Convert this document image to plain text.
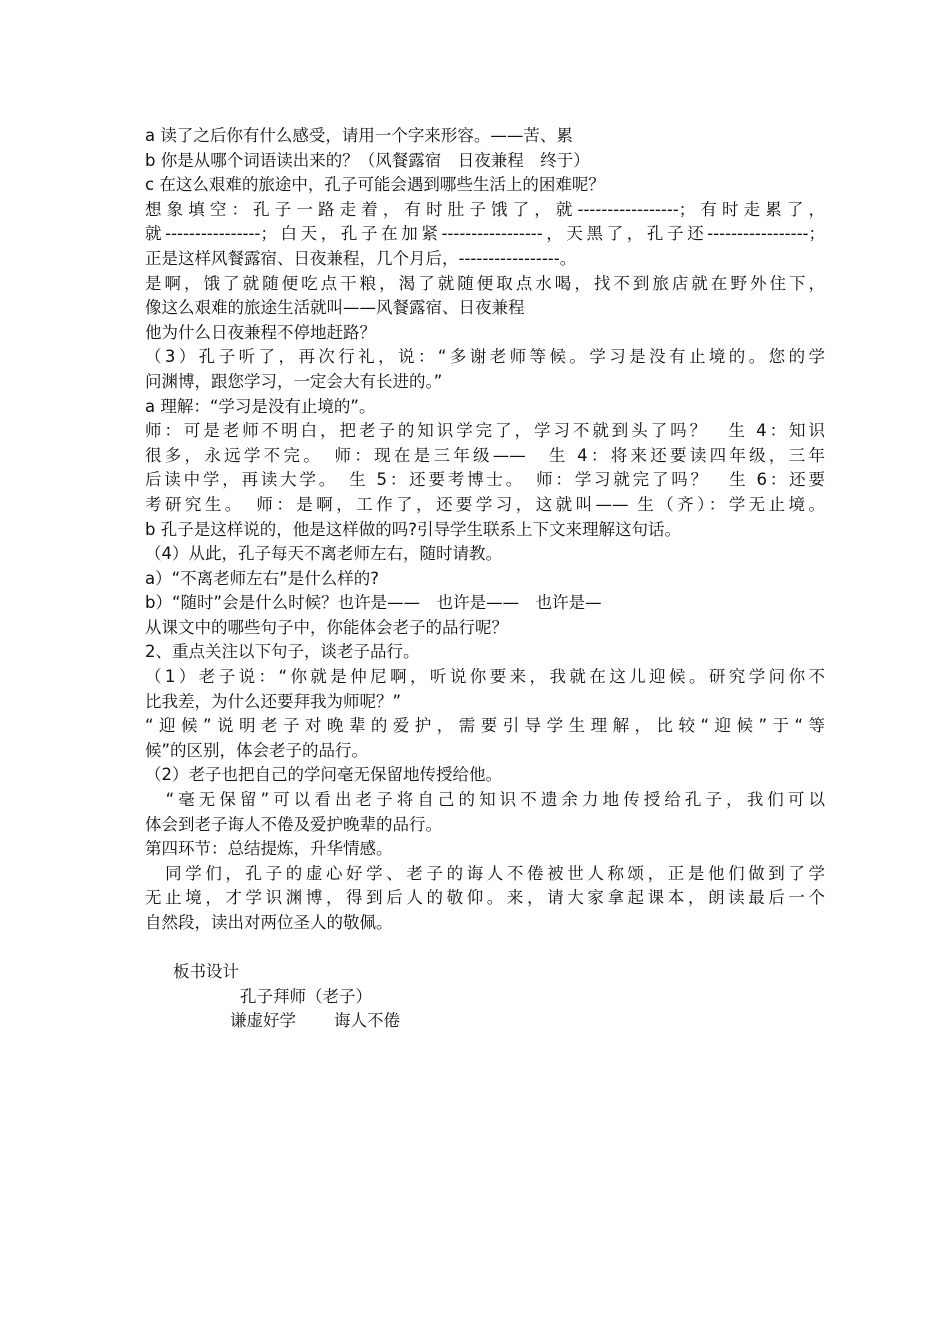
a 读了之后你有什么感受，请用一个字来形容。——苦、累
b 你是从哪个词语读出来的？（风餐露宿　日夜兼程　终于）
c 在这么艰难的旅途中，孔子可能会遇到哪些生活上的困难呢？
想象填空：孔子一路走着，有时肚子饿了，就-----------------；有时走累了，
就----------------；白天，孔子在加紧-----------------，天黑了，孔子还-----------------；
正是这样风餐露宿、日夜兼程，几个月后，-----------------。
是啊，饿了就随便吃点干粮，渴了就随便取点水喝，找不到旅店就在野外住下，
像这么艰难的旅途生活就叫——风餐露宿、日夜兼程
他为什么日夜兼程不停地赶路？
（3）孔子听了，再次行礼，说：“多谢老师等候。学习是没有止境的。您的学
问渊博，跟您学习，一定会大有长进的。”
a 理解：“学习是没有止境的”。
师：可是老师不明白，把老子的知识学完了，学习不就到头了吗？　生 4：知识
很多，永远学不完。　师：现在是三年级——　生 4：将来还要读四年级，三年
后读中学，再读大学。　生 5：还要考博士。　师：学习就完了吗？　生 6：还要
考研究生。　师：是啊，工作了，还要学习，这就叫—— 生（齐）：学无止境。
b 孔子是这样说的，他是这样做的吗?引导学生联系上下文来理解这句话。
（4）从此，孔子每天不离老师左右，随时请教。
a）“不离老师左右”是什么样的?
b）“随时”会是什么时候？也许是——　也许是——　也许是—
从课文中的哪些句子中，你能体会老子的品行呢？
2、重点关注以下句子，谈老子品行。
（1）老子说：“你就是仲尼啊，听说你要来，我就在这儿迎候。研究学问你不
比我差，为什么还要拜我为师呢？”
“迎候”说明老子对晚辈的爱护，需要引导学生理解，比较“迎候”于“等
候”的区别，体会老子的品行。
（2）老子也把自己的学问毫无保留地传授给他。
　“毫无保留”可以看出老子将自己的知识不遗余力地传授给孔子，我们可以
体会到老子诲人不倦及爱护晚辈的品行。
第四环节：总结提炼，升华情感。
　同学们，孔子的虚心好学、老子的诲人不倦被世人称颂，正是他们做到了学
无止境，才学识渊博，得到后人的敬仰。来，请大家拿起课本，朗读最后一个
自然段，读出对两位圣人的敬佩。
板书设计
孔子拜师（老子）
谦虚好学 诲人不倦
